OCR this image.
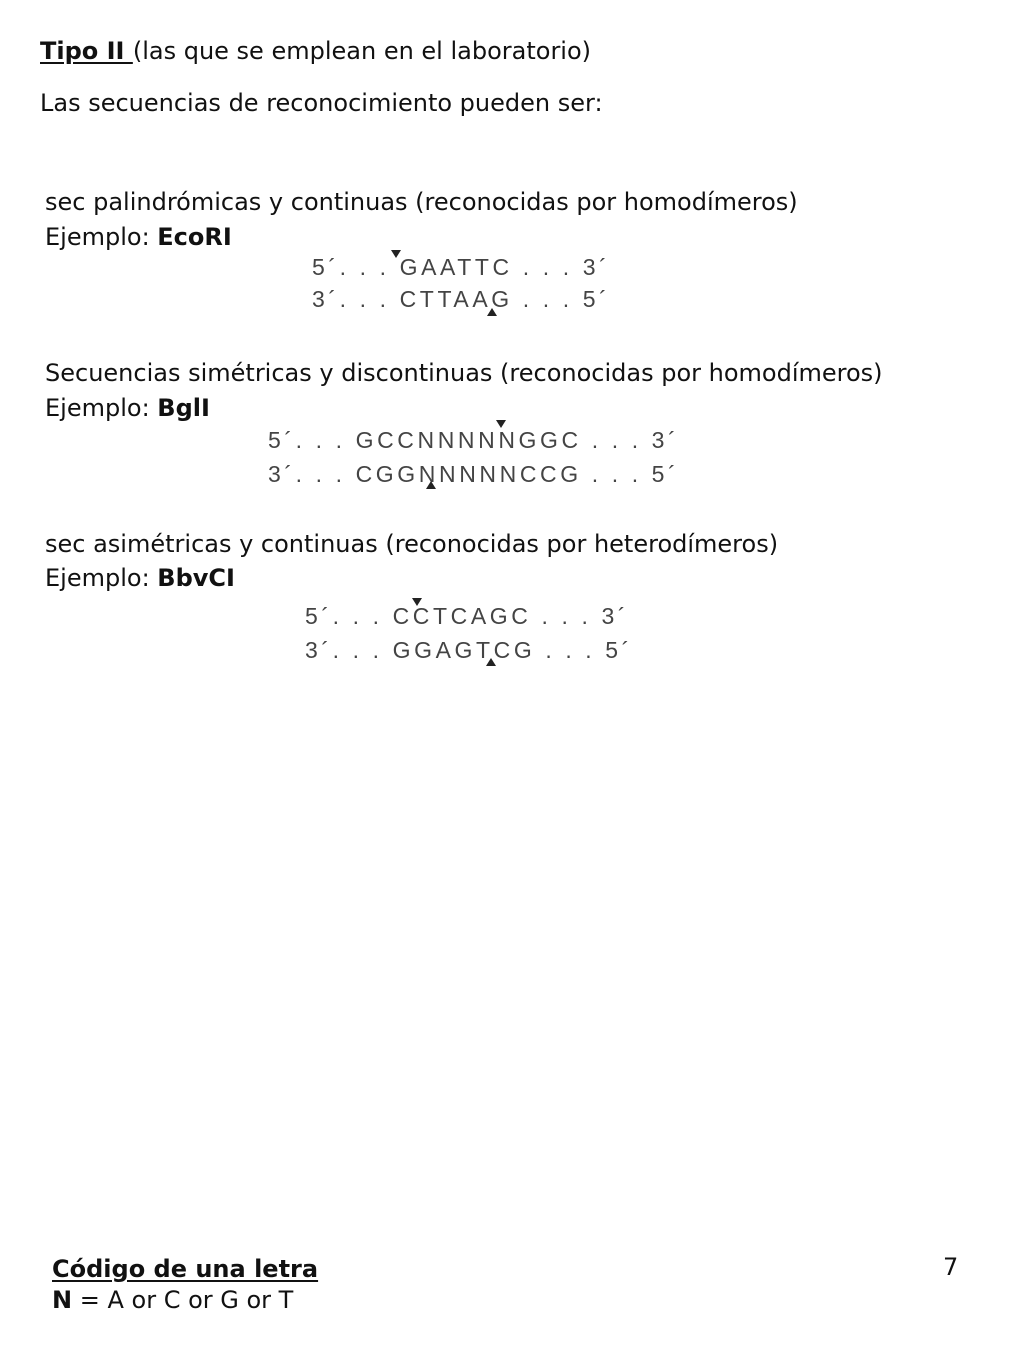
Tipo II (las que se emplean en el laboratorio)
Las secuencias de reconocimiento pueden ser:
sec palindrómicas y continuas (reconocidas por homodímeros)
Ejemplo: EcoRI
5´. . . GAATTC . . . 3´
3´. . . CTTAAG . . . 5´
Secuencias simétricas y discontinuas (reconocidas por homodímeros)
Ejemplo: BglI
5´. . . GCCNNNNNGGC . . . 3´
3´. . . CGGNNNNNCCG . . . 5´
sec asimétricas y continuas (reconocidas por heterodímeros)
Ejemplo: BbvCI
5´. . . CCTCAGC . . . 3´
3´. . . GGAGTCG . . . 5´
Código de una letra
N = A or C or G or T
7
